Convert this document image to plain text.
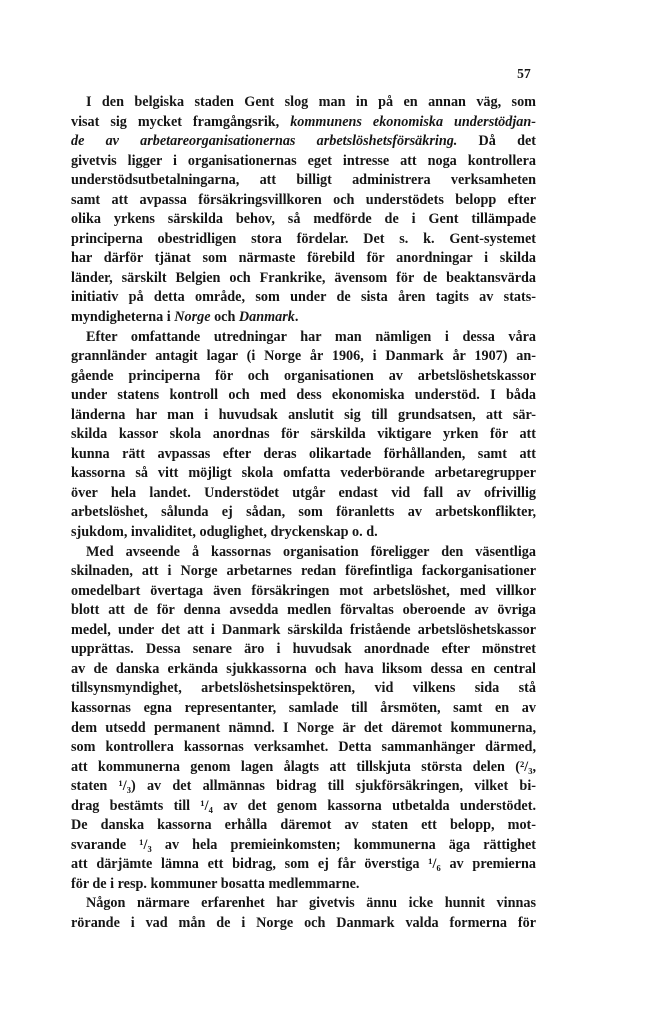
57
I den belgiska staden Gent slog man in på en annan väg, som
visat sig mycket framgångsrik, kommunens ekonomiska understödjan-
de av arbetareorganisationernas arbetslöshetsförsäkring. Då det
givetvis ligger i organisationernas eget intresse att noga kontrollera
understödsutbetalningarna, att billigt administrera verksamheten
samt att avpassa försäkringsvillkoren och understödets belopp efter
olika yrkens särskilda behov, så medförde de i Gent tillämpade
principerna obestridligen stora fördelar. Det s. k. Gent-systemet
har därför tjänat som närmaste förebild för anordningar i skilda
länder, särskilt Belgien och Frankrike, ävensom för de beaktansvärda
initiativ på detta område, som under de sista åren tagits av stats-
myndigheterna i Norge och Danmark.
Efter omfattande utredningar har man nämligen i dessa våra
grannländer antagit lagar (i Norge år 1906, i Danmark år 1907) an-
gående principerna för och organisationen av arbetslöshetskassor
under statens kontroll och med dess ekonomiska understöd. I båda
länderna har man i huvudsak anslutit sig till grundsatsen, att sär-
skilda kassor skola anordnas för särskilda viktigare yrken för att
kunna rätt avpassas efter deras olikartade förhållanden, samt att
kassorna så vitt möjligt skola omfatta vederbörande arbetaregrupper
över hela landet. Understödet utgår endast vid fall av ofrivillig
arbetslöshet, sålunda ej sådan, som föranletts av arbetskonflikter,
sjukdom, invaliditet, oduglighet, dryckenskap o. d.
Med avseende å kassornas organisation föreligger den väsentliga
skilnaden, att i Norge arbetarnes redan förefintliga fackorganisationer
omedelbart övertaga även försäkringen mot arbetslöshet, med villkor
blott att de för denna avsedda medlen förvaltas oberoende av övriga
medel, under det att i Danmark särskilda fristående arbetslöshetskassor
upprättas. Dessa senare äro i huvudsak anordnade efter mönstret
av de danska erkända sjukkassorna och hava liksom dessa en central
tillsynsmyndighet, arbetslöshetsinspektören, vid vilkens sida stå
kassornas egna representanter, samlade till årsmöten, samt en av
dem utsedd permanent nämnd. I Norge är det däremot kommunerna,
som kontrollera kassornas verksamhet. Detta sammanhänger därmed,
att kommunerna genom lagen ålagts att tillskjuta största delen (²/₃,
staten ¹/₃) av det allmännas bidrag till sjukförsäkringen, vilket bi-
drag bestämts till ¹/₄ av det genom kassorna utbetalda understödet.
De danska kassorna erhålla däremot av staten ett belopp, mot-
svarande ¹/₃ av hela premieinkomsten; kommunerna äga rättighet
att därjämte lämna ett bidrag, som ej får överstiga ¹/₆ av premierna
för de i resp. kommuner bosatta medlemmarne.
Någon närmare erfarenhet har givetvis ännu icke hunnit vinnas
rörande i vad mån de i Norge och Danmark valda formerna för
